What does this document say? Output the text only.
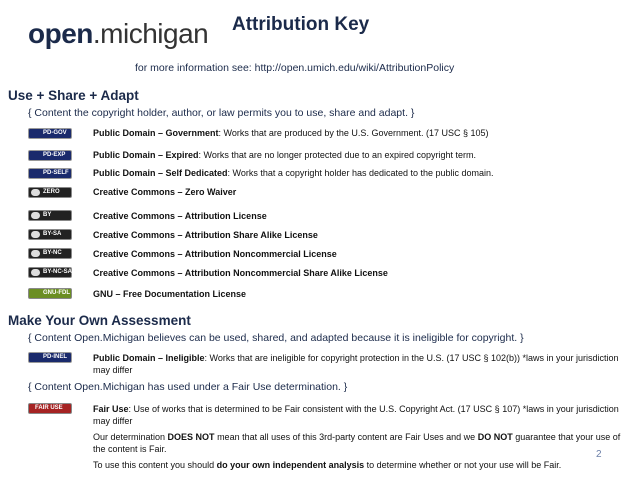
open.michigan Attribution Key
for more information see: http://open.umich.edu/wiki/AttributionPolicy
Use + Share + Adapt
{ Content the copyright holder, author, or law permits you to use, share and adapt. }
PD-GOV	Public Domain – Government: Works that are produced by the U.S. Government. (17 USC § 105)
PD-EXP	Public Domain – Expired: Works that are no longer protected due to an expired copyright term.
PD-SELF	Public Domain – Self Dedicated: Works that a copyright holder has dedicated to the public domain.
ZERO	Creative Commons – Zero Waiver
BY	Creative Commons – Attribution License
BY-SA	Creative Commons – Attribution Share Alike License
BY-NC	Creative Commons – Attribution Noncommercial License
BY-NC-SA Creative Commons – Attribution Noncommercial Share Alike License
GNU-FDL	GNU – Free Documentation License
Make Your Own Assessment
{ Content Open.Michigan believes can be used, shared, and adapted because it is ineligible for copyright. }
PD-INEL	Public Domain – Ineligible: Works that are ineligible for copyright protection in the U.S. (17 USC § 102(b)) *laws in your jurisdiction may differ
{ Content Open.Michigan has used under a Fair Use determination. }
FAIR USE	Fair Use: Use of works that is determined to be Fair consistent with the U.S. Copyright Act. (17 USC § 107) *laws in your jurisdiction may differ
Our determination DOES NOT mean that all uses of this 3rd-party content are Fair Uses and we DO NOT guarantee that your use of the content is Fair.
To use this content you should do your own independent analysis to determine whether or not your use will be Fair.
2
